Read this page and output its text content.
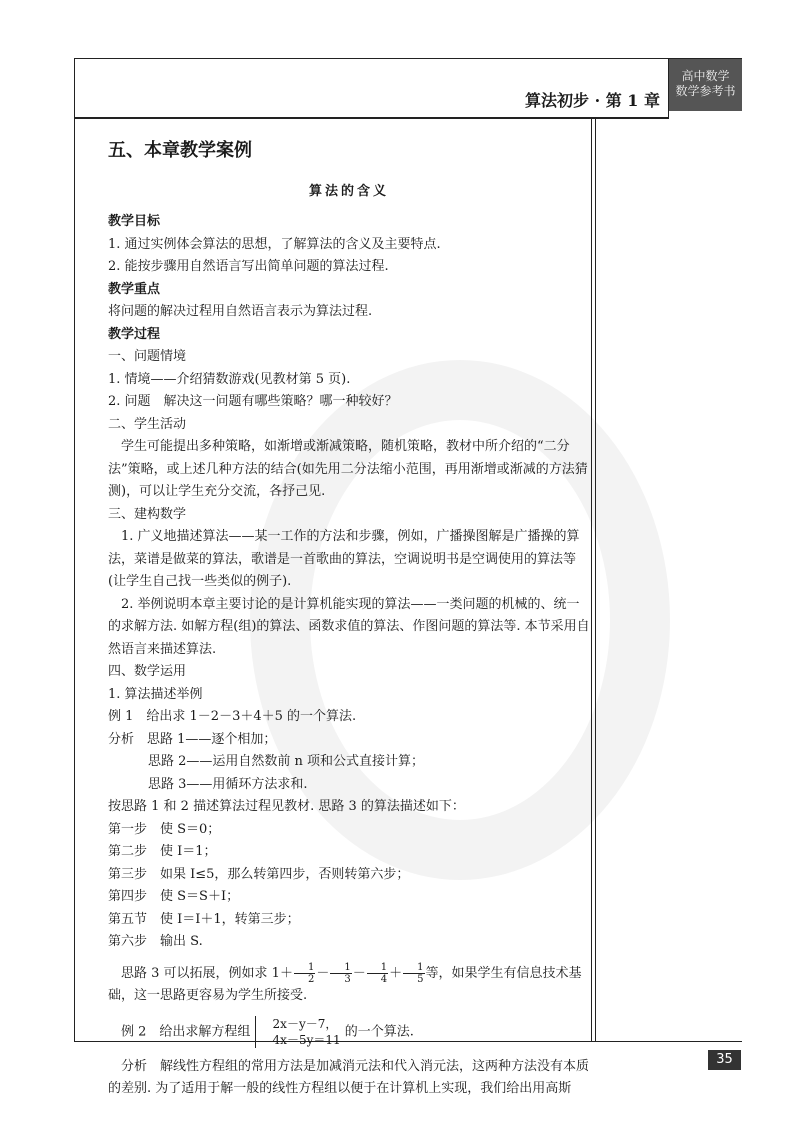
算法初步 · 第 1 章
高中数学
数学参考书
五、本章教学案例
算法的含义

教学目标

1. 通过实例体会算法的思想，了解算法的含义及主要特点.

2. 能按步骤用自然语言写出简单问题的算法过程.

教学重点

将问题的解决过程用自然语言表示为算法过程.

教学过程

一、问题情境

1. 情境——介绍猜数游戏(见教材第 5 页).

2. 问题　解决这一问题有哪些策略？哪一种较好？

二、学生活动

学生可能提出多种策略，如渐增或渐减策略，随机策略，教材中所介绍的“二分法”策略，或上述几种方法的结合(如先用二分法缩小范围，再用渐增或渐减的方法猜测)，可以让学生充分交流，各抒己见.

三、建构数学

1. 广义地描述算法——某一工作的方法和步骤，例如，广播操图解是广播操的算法，菜谱是做菜的算法，歌谱是一首歌曲的算法，空调说明书是空调使用的算法等(让学生自己找一些类似的例子).

2. 举例说明本章主要讨论的是计算机能实现的算法——一类问题的机械的、统一的求解方法. 如解方程(组)的算法、函数求值的算法、作图问题的算法等. 本节采用自然语言来描述算法.

四、数学运用

1. 算法描述举例

例 1　给出求 1－2－3＋4＋5 的一个算法.

分析　思路 1——逐个相加；

思路 2——运用自然数前 n 项和公式直接计算；

思路 3——用循环方法求和.

按思路 1 和 2 描述算法过程见教材. 思路 3 的算法描述如下：

第一步　使 S＝0；

第二步　使 I＝1；

第三步　如果 I≤5，那么转第四步，否则转第六步；

第四步　使 S＝S＋I；

第五节　使 I＝I＋1，转第三步；

第六步　输出 S.

思路 3 可以拓展，例如求 $1+ \frac{1}{2} - \frac{1}{3} - \frac{1}{4} + \frac{1}{5}$ 等，如果学生有信息技术基础，这一思路更容易为学生所接受.

例 2　给出求解方程组
2x－y－7，
4x－5y＝11
的一个算法.

分析　解线性方程组的常用方法是加减消元法和代入消元法，这两种方法没有本质的差别. 为了适用于解一般的线性方程组以便于在计算机上实现，我们给出用高斯

35
